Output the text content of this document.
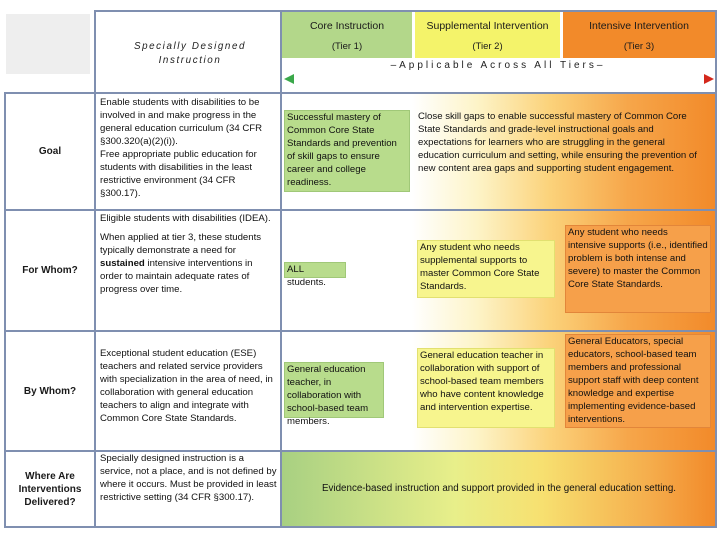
Specially Designed Instruction
Core Instruction
(Tier 1)
Supplemental Intervention
(Tier 2)
Intensive Intervention
(Tier 3)
–Applicable Across All Tiers–
Goal
For Whom?
By Whom?
Where Are Interventions Delivered?
Enable students with disabilities to be involved in and make progress in the general education curriculum (34 CFR §300.320(a)(2)(i)).
Free appropriate public education for students with disabilities in the least restrictive environment (34 CFR §300.17).
Successful mastery of Common Core State Standards and prevention of skill gaps to ensure career and college readiness.
Close skill gaps to enable successful mastery of Common Core State Standards and grade-level instructional goals and expectations for learners who are struggling in the general education curriculum and setting, while ensuring the prevention of new content area gaps and supporting student engagement.
Eligible students with disabilities (IDEA).
When applied at tier 3, these students typically demonstrate a need for sustained intensive interventions in order to maintain adequate rates of progress over time.
ALL students.
Any student who needs supplemental supports to master Common Core State Standards.
Any student who needs intensive supports (i.e., identified problem is both intense and severe) to master the Common Core State Standards.
Exceptional student education (ESE) teachers and related service providers with specialization in the area of need, in collaboration with general education teachers to align and integrate with Common Core State Standards.
General education teacher, in collaboration with school-based team members.
General education teacher in collaboration with support of school-based team members who have content knowledge and intervention expertise.
General Educators, special educators, school-based team members and professional support staff with deep content knowledge and expertise implementing evidence-based interventions.
Specially designed instruction is a service, not a place, and is not defined by where it occurs. Must be provided in least restrictive setting (34 CFR §300.17).
Evidence-based instruction and support provided in the general education setting.
